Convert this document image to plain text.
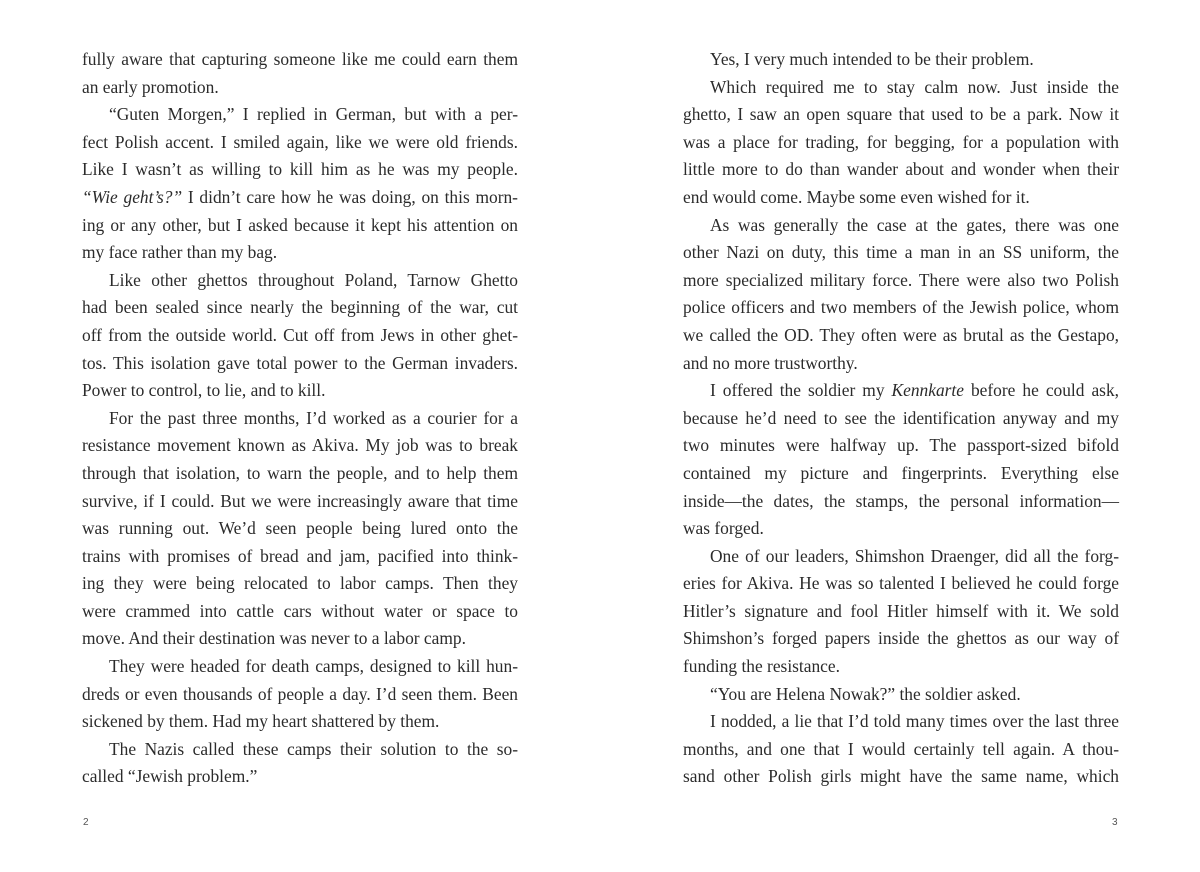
fully aware that capturing someone like me could earn them
an early promotion.
“Guten Morgen,” I replied in German, but with a per-
fect Polish accent. I smiled again, like we were old friends.
Like I wasn’t as willing to kill him as he was my people.
“Wie geht’s?” I didn’t care how he was doing, on this morn-
ing or any other, but I asked because it kept his attention on
my face rather than my bag.
Like other ghettos throughout Poland, Tarnow Ghetto
had been sealed since nearly the beginning of the war, cut
off from the outside world. Cut off from Jews in other ghet-
tos. This isolation gave total power to the German invaders.
Power to control, to lie, and to kill.
For the past three months, I’d worked as a courier for a
resistance movement known as Akiva. My job was to break
through that isolation, to warn the people, and to help them
survive, if I could. But we were increasingly aware that time
was running out. We’d seen people being lured onto the
trains with promises of bread and jam, pacified into think-
ing they were being relocated to labor camps. Then they
were crammed into cattle cars without water or space to
move. And their destination was never to a labor camp.
They were headed for death camps, designed to kill hun-
dreds or even thousands of people a day. I’d seen them. Been
sickened by them. Had my heart shattered by them.
The Nazis called these camps their solution to the so-
called “Jewish problem.”
Yes, I very much intended to be their problem.
Which required me to stay calm now. Just inside the
ghetto, I saw an open square that used to be a park. Now it
was a place for trading, for begging, for a population with
little more to do than wander about and wonder when their
end would come. Maybe some even wished for it.
As was generally the case at the gates, there was one
other Nazi on duty, this time a man in an SS uniform, the
more specialized military force. There were also two Polish
police officers and two members of the Jewish police, whom
we called the OD. They often were as brutal as the Gestapo,
and no more trustworthy.
I offered the soldier my Kennkarte before he could ask,
because he’d need to see the identification anyway and my
two minutes were halfway up. The passport-sized bifold
contained my picture and fingerprints. Everything else
inside—the dates, the stamps, the personal information—
was forged.
One of our leaders, Shimshon Draenger, did all the forg-
eries for Akiva. He was so talented I believed he could forge
Hitler’s signature and fool Hitler himself with it. We sold
Shimshon’s forged papers inside the ghettos as our way of
funding the resistance.
“You are Helena Nowak?” the soldier asked.
I nodded, a lie that I’d told many times over the last three
months, and one that I would certainly tell again. A thou-
sand other Polish girls might have the same name, which
2	3
